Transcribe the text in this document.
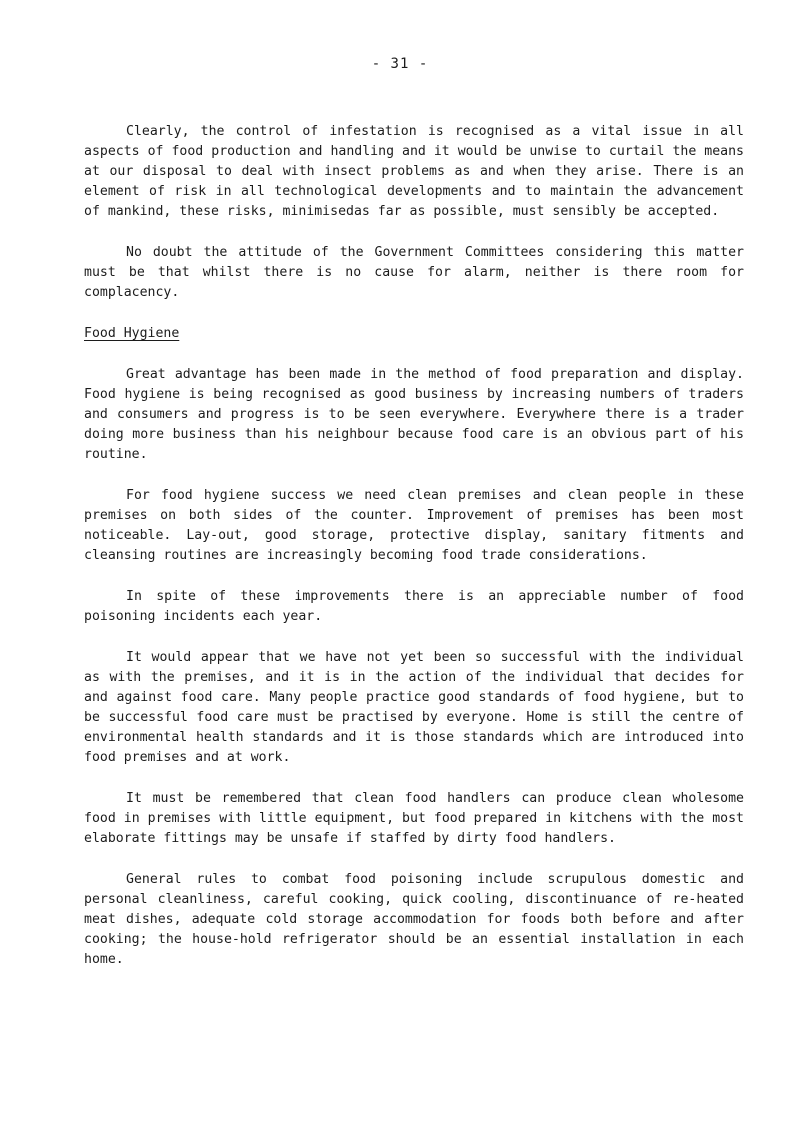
- 31 -

Clearly, the control of infestation is recognised as a vital issue in all aspects of food production and handling and it would be unwise to curtail the means at our disposal to deal with insect problems as and when they arise. There is an element of risk in all technological developments and to maintain the advancement of mankind, these risks, minimisedas far as possible, must sensibly be accepted.

No doubt the attitude of the Government Committees considering this matter must be that whilst there is no cause for alarm, neither is there room for complacency.

Food Hygiene

Great advantage has been made in the method of food preparation and display. Food hygiene is being recognised as good business by increasing numbers of traders and consumers and progress is to be seen everywhere. Everywhere there is a trader doing more business than his neighbour because food care is an obvious part of his routine.

For food hygiene success we need clean premises and clean people in these premises on both sides of the counter. Improvement of premises has been most noticeable. Lay-out, good storage, protective display, sanitary fitments and cleansing routines are increasingly becoming food trade considerations.

In spite of these improvements there is an appreciable number of food poisoning incidents each year.

It would appear that we have not yet been so successful with the individual as with the premises, and it is in the action of the individual that decides for and against food care. Many people practice good standards of food hygiene, but to be successful food care must be practised by everyone. Home is still the centre of environmental health standards and it is those standards which are introduced into food premises and at work.

It must be remembered that clean food handlers can produce clean wholesome food in premises with little equipment, but food prepared in kitchens with the most elaborate fittings may be unsafe if staffed by dirty food handlers.

General rules to combat food poisoning include scrupulous domestic and personal cleanliness, careful cooking, quick cooling, discontinuance of re-heated meat dishes, adequate cold storage accommodation for foods both before and after cooking; the house-hold refrigerator should be an essential installation in each home.
